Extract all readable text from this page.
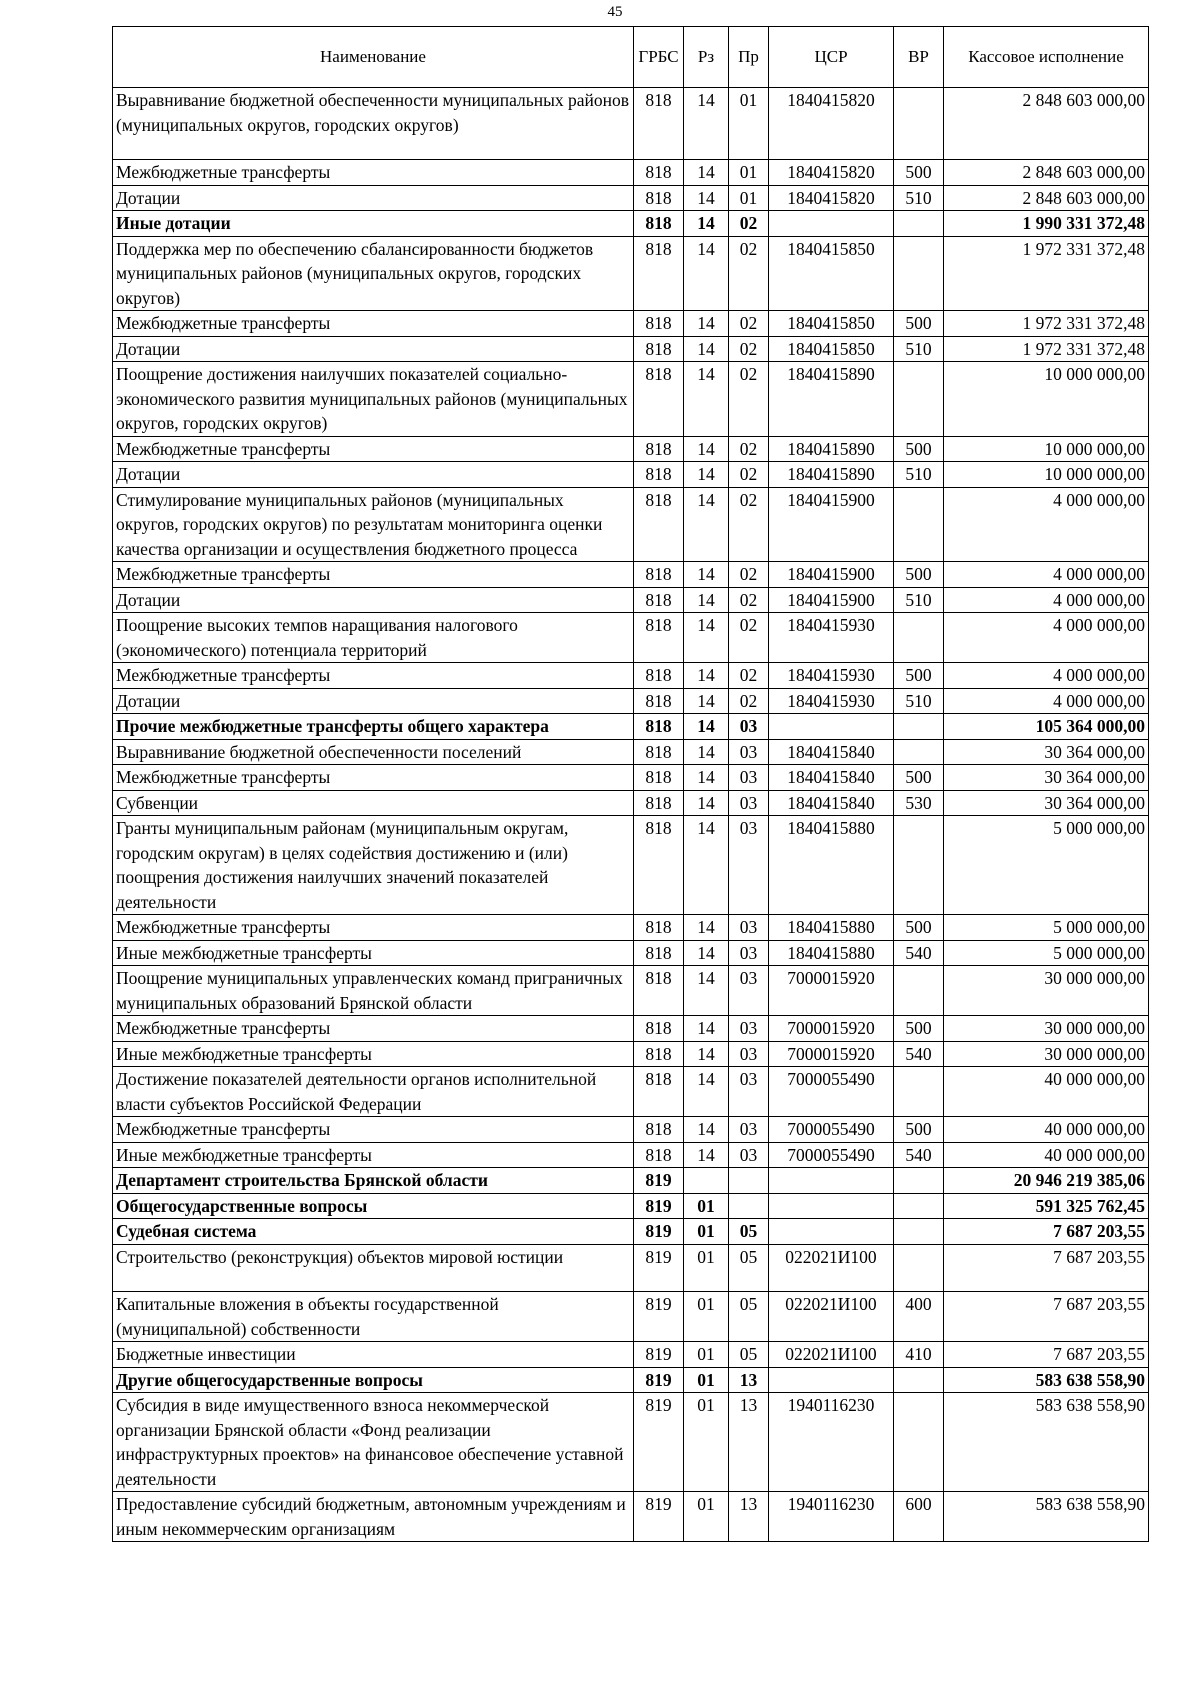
45
Наименование	ГРБС	Рз	Пр	ЦСР	ВР	Кассовое исполнение
Выравнивание бюджетной обеспеченности муниципальных районов (муниципальных округов, городских округов)	818	14	01	1840415820		2 848 603 000,00
Межбюджетные трансферты	818	14	01	1840415820	500	2 848 603 000,00
Дотации	818	14	01	1840415820	510	2 848 603 000,00
Иные дотации	818	14	02			1 990 331 372,48
Поддержка мер по обеспечению сбалансированности бюджетов муниципальных районов (муниципальных округов, городских округов)	818	14	02	1840415850		1 972 331 372,48
Межбюджетные трансферты	818	14	02	1840415850	500	1 972 331 372,48
Дотации	818	14	02	1840415850	510	1 972 331 372,48
Поощрение достижения наилучших показателей социально-экономического развития муниципальных районов (муниципальных округов, городских округов)	818	14	02	1840415890		10 000 000,00
Межбюджетные трансферты	818	14	02	1840415890	500	10 000 000,00
Дотации	818	14	02	1840415890	510	10 000 000,00
Стимулирование муниципальных районов (муниципальных округов, городских округов) по результатам мониторинга оценки качества организации и осуществления бюджетного процесса	818	14	02	1840415900		4 000 000,00
Межбюджетные трансферты	818	14	02	1840415900	500	4 000 000,00
Дотации	818	14	02	1840415900	510	4 000 000,00
Поощрение высоких темпов наращивания налогового (экономического) потенциала территорий	818	14	02	1840415930		4 000 000,00
Межбюджетные трансферты	818	14	02	1840415930	500	4 000 000,00
Дотации	818	14	02	1840415930	510	4 000 000,00
Прочие межбюджетные трансферты общего характера	818	14	03			105 364 000,00
Выравнивание бюджетной обеспеченности поселений	818	14	03	1840415840		30 364 000,00
Межбюджетные трансферты	818	14	03	1840415840	500	30 364 000,00
Субвенции	818	14	03	1840415840	530	30 364 000,00
Гранты муниципальным районам (муниципальным округам, городским округам) в целях содействия достижению и (или) поощрения достижения наилучших значений показателей деятельности	818	14	03	1840415880		5 000 000,00
Межбюджетные трансферты	818	14	03	1840415880	500	5 000 000,00
Иные межбюджетные трансферты	818	14	03	1840415880	540	5 000 000,00
Поощрение муниципальных управленческих команд приграничных муниципальных образований Брянской области	818	14	03	7000015920		30 000 000,00
Межбюджетные трансферты	818	14	03	7000015920	500	30 000 000,00
Иные межбюджетные трансферты	818	14	03	7000015920	540	30 000 000,00
Достижение показателей деятельности органов исполнительной власти субъектов Российской Федерации	818	14	03	7000055490		40 000 000,00
Межбюджетные трансферты	818	14	03	7000055490	500	40 000 000,00
Иные межбюджетные трансферты	818	14	03	7000055490	540	40 000 000,00
Департамент строительства Брянской области	819					20 946 219 385,06
Общегосударственные вопросы	819	01				591 325 762,45
Судебная система	819	01	05			7 687 203,55
Строительство (реконструкция) объектов мировой юстиции	819	01	05	022021И100		7 687 203,55
Капитальные вложения в объекты государственной (муниципальной) собственности	819	01	05	022021И100	400	7 687 203,55
Бюджетные инвестиции	819	01	05	022021И100	410	7 687 203,55
Другие общегосударственные вопросы	819	01	13			583 638 558,90
Субсидия в виде имущественного взноса некоммерческой организации Брянской области «Фонд реализации инфраструктурных проектов» на финансовое обеспечение уставной деятельности	819	01	13	1940116230		583 638 558,90
Предоставление субсидий бюджетным, автономным учреждениям и иным некоммерческим организациям	819	01	13	1940116230	600	583 638 558,90
